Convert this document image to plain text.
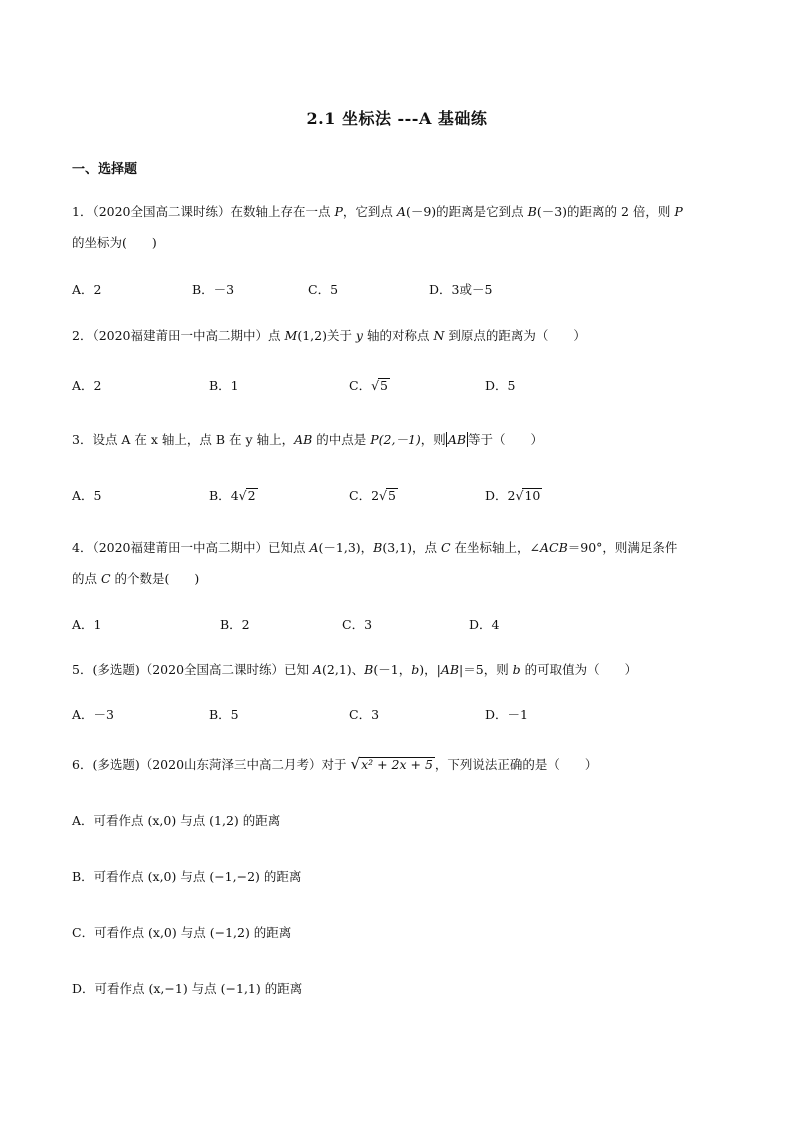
2.1 坐标法 ---A 基础练
一、选择题
1．（2020全国高二课时练）在数轴上存在一点 P，它到点 A(－9)的距离是它到点 B(－3)的距离的 2 倍，则 P
的坐标为(　　)
A．2	B．－3	C．5	D．3或－5
2．（2020福建莆田一中高二期中）点 M(1,2)关于 y 轴的对称点 N 到原点的距离为（　　）
A．2	B．1	C．√5	D．5
3．设点 A 在 x 轴上，点 B 在 y 轴上，AB 的中点是 P(2,－1)，则 AB 等于（　　）
A．5	B．4√2	C．2√5	D．2√10
4．（2020福建莆田一中高二期中）已知点 A(－1,3)，B(3,1)，点 C 在坐标轴上，∠ACB＝90°，则满足条件
的点 C 的个数是(　　)
A．1	B．2	C．3	D．4
5．(多选题)（2020全国高二课时练）已知 A(2,1)、B(－1，b)，|AB|＝5，则 b 的可取值为（　　）
A．－3	B．5	C．3	D．－1
6．(多选题)（2020山东菏泽三中高二月考）对于 √x² + 2x + 5 ，下列说法正确的是（　　）
A．可看作点 (x,0) 与点 (1,2) 的距离
B．可看作点 (x,0) 与点 (−1,−2) 的距离
C．可看作点 (x,0) 与点 (−1,2) 的距离
D．可看作点 (x,−1) 与点 (−1,1) 的距离
